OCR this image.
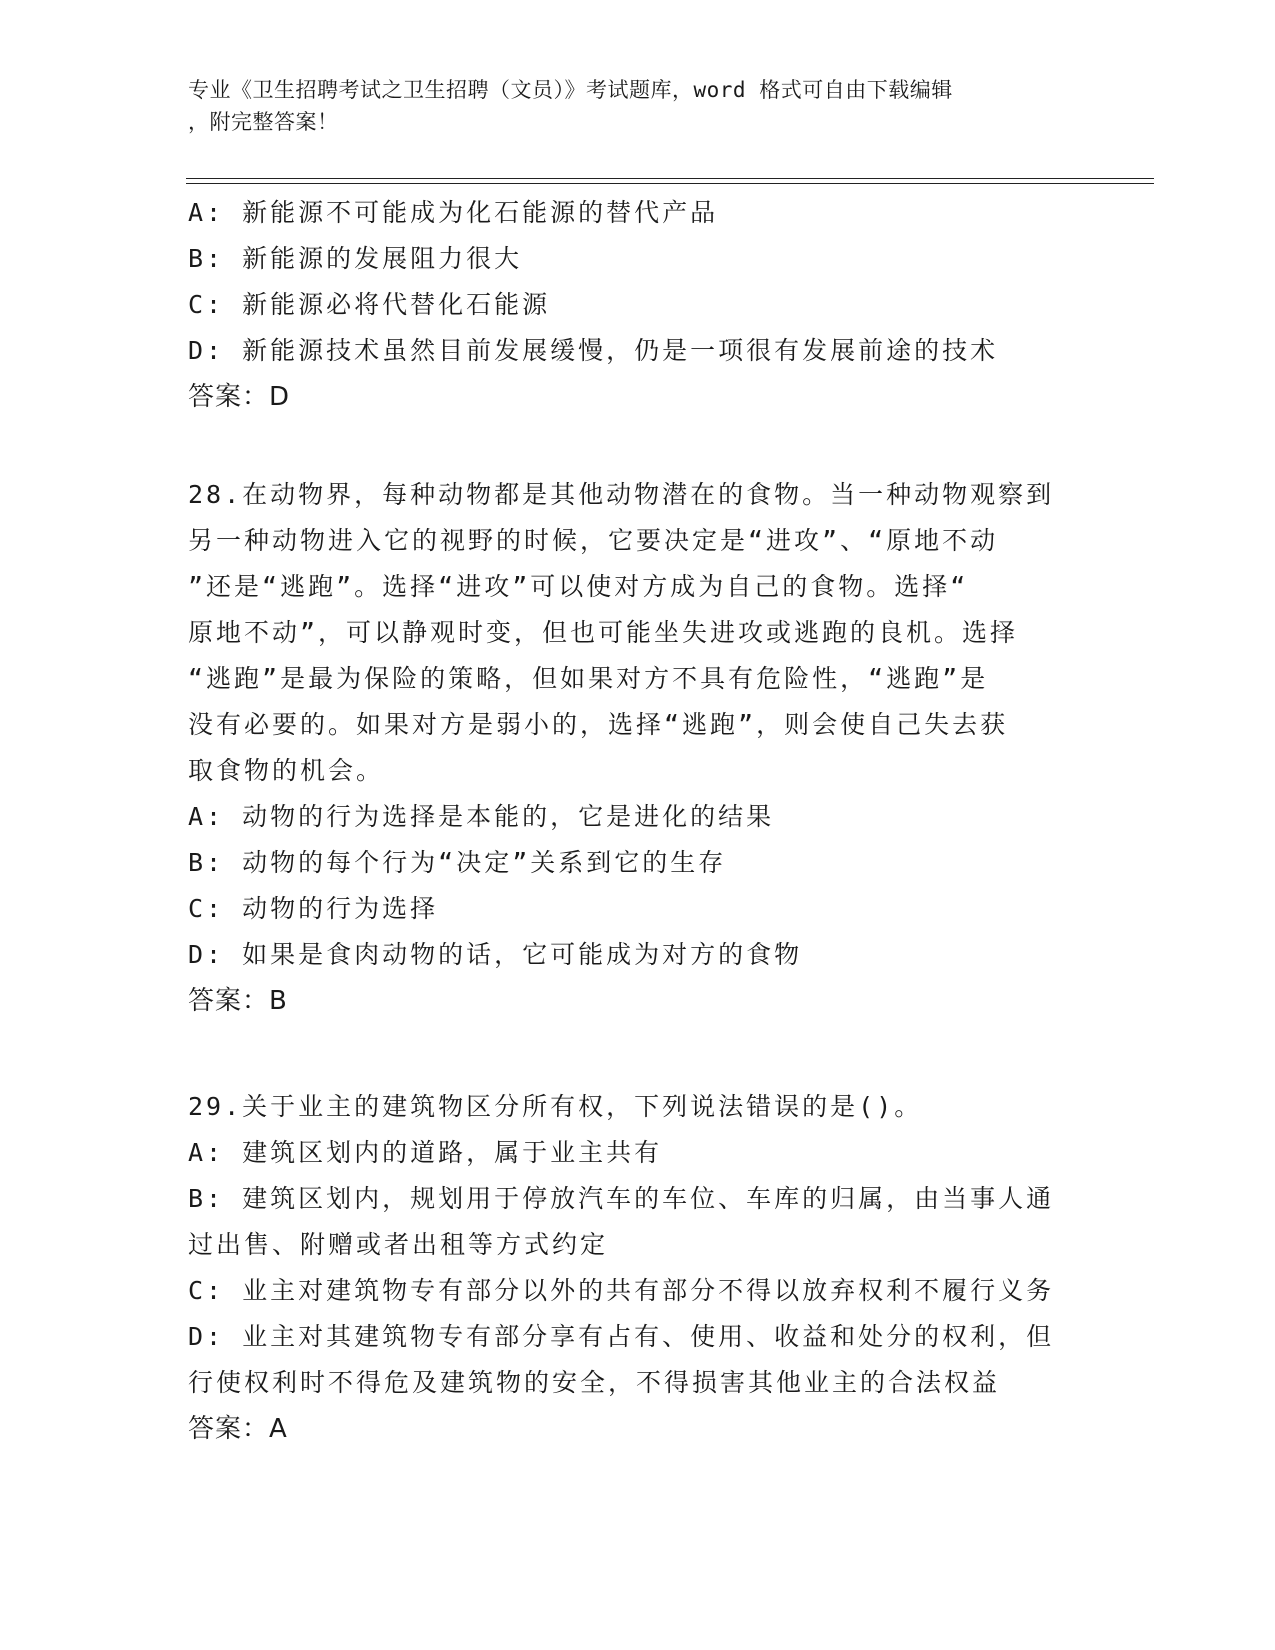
专业《卫生招聘考试之卫生招聘（文员）》考试题库，word 格式可自由下载编辑
，附完整答案！
A: 新能源不可能成为化石能源的替代产品
B: 新能源的发展阻力很大
C: 新能源必将代替化石能源
D: 新能源技术虽然目前发展缓慢，仍是一项很有发展前途的技术
答案：D
28.在动物界，每种动物都是其他动物潜在的食物。当一种动物观察到
另一种动物进入它的视野的时候，它要决定是“进攻”、“原地不动
”还是“逃跑”。选择“进攻”可以使对方成为自己的食物。选择“
原地不动”，可以静观时变，但也可能坐失进攻或逃跑的良机。选择
“逃跑”是最为保险的策略，但如果对方不具有危险性，“逃跑”是
没有必要的。如果对方是弱小的，选择“逃跑”，则会使自己失去获
取食物的机会。
A: 动物的行为选择是本能的，它是进化的结果
B: 动物的每个行为“决定”关系到它的生存
C: 动物的行为选择
D: 如果是食肉动物的话，它可能成为对方的食物
答案：B
29.关于业主的建筑物区分所有权，下列说法错误的是()。
A: 建筑区划内的道路，属于业主共有
B: 建筑区划内，规划用于停放汽车的车位、车库的归属，由当事人通
过出售、附赠或者出租等方式约定
C: 业主对建筑物专有部分以外的共有部分不得以放弃权利不履行义务
D: 业主对其建筑物专有部分享有占有、使用、收益和处分的权利，但
行使权利时不得危及建筑物的安全，不得损害其他业主的合法权益
答案：A
